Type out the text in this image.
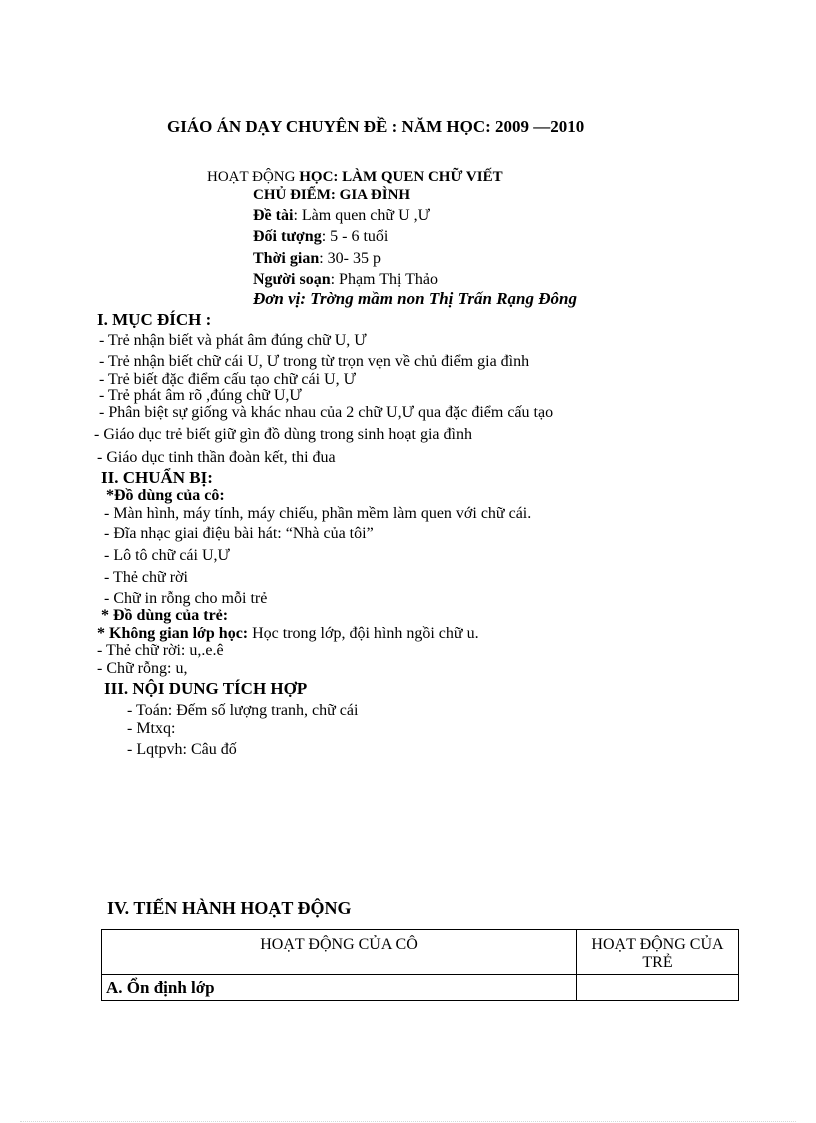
GIÁO ÁN DẠY CHUYÊN ĐỀ : NĂM HỌC: 2009 —2010
HOẠT ĐỘNG HỌC: LÀM QUEN CHỮ VIẾT
CHỦ ĐIỂM: GIA ĐÌNH
Đề tài: Làm quen chữ U ,Ư
Đối tượng: 5 - 6 tuổi
Thời gian: 30- 35 p
Người soạn: Phạm Thị Thảo
Đơn vị: Trờng mầm non Thị Trấn Rạng Đông
I. MỤC ĐÍCH :
- Trẻ nhận biết và phát âm đúng chữ U, Ư
- Trẻ nhận biết chữ cái U, Ư trong từ trọn vẹn về chủ điểm gia đình
- Trẻ biết đặc điểm cấu tạo chữ cái U, Ư
- Trẻ phát âm rõ ,đúng chữ U,Ư
- Phân biệt sự giống và khác nhau của 2 chữ U,Ư qua đặc điểm cấu tạo
- Giáo dục trẻ biết giữ gìn đồ dùng trong sinh hoạt gia đình
- Giáo dục tinh thần đoàn kết, thi đua
II. CHUẨN BỊ:
*Đồ dùng của cô:
- Màn hình, máy tính, máy chiếu, phần mềm làm quen với chữ cái.
- Đĩa nhạc giai điệu bài hát: “Nhà của tôi”
- Lô tô chữ cái U,Ư
- Thẻ chữ rời
- Chữ in rỗng cho mỗi trẻ
* Đồ dùng của trẻ:
* Không gian lớp học: Học trong lớp, đội hình ngồi chữ u.
- Thẻ chữ rời: u,.e.ê
- Chữ rỗng: u,
III. NỘI DUNG TÍCH HỢP
- Toán: Đếm số lượng tranh, chữ cái
- Mtxq:
- Lqtpvh: Câu đố
IV. TIẾN HÀNH HOẠT ĐỘNG
HOẠT ĐỘNG CỦA CÔ	HOẠT ĐỘNG CỦA TRẺ
A. Ổn định lớp	
